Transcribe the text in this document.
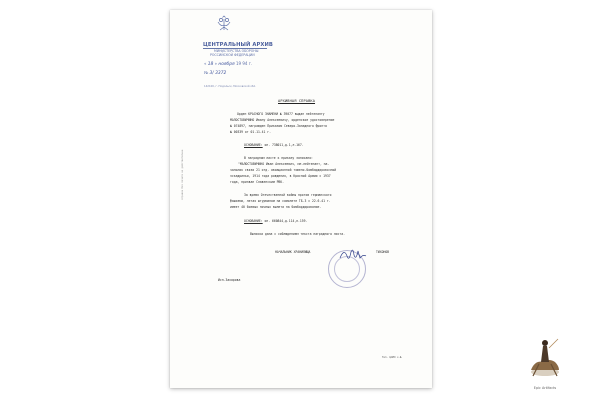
ЦЕНТРАЛЬНЫЙ АРХИВ
МИНИСТЕРСТВА ОБОРОНЫ
РОССИЙСКОЙ ФЕДЕРАЦИИ
« 18 » ноября 19 94 г.
№ 3/ 3372
142100, г. Подольск, Московской обл.
справка без печати не действительна
АРХИВНАЯ СПРАВКА
Орден КРАСНОГО ЗНАМЕНИ № 39077 выдан лейтенанту
МАЛОСТОВИЧИНО Ивану Алексеевичу, орденское удостоверение
№ 074897, награжден Приказом Северо-Западного фронта
№ 00339 от 01.11.41 г.
ОСНОВАНИЕ: оп. 738011,д.1,л.167.
В наградном листе к приказу записано:
"МАЛОСТОВИЧИНО Иван Алексеевич, мл.лейтенант, на-
чальник связи 21 отд. авиационной тяжело-бомбардировочной
эскадрильи, 1914 года рождения, в Красной Армии с 1937
года, призван Славенским РВК.
За время Отечественной войны против германского
фашизма, летая штурманом на самолете ТБ-3 с 22.6.41 г.
имеет 40 боевых ночных вылета на бомбардирование.
ОСНОВАНИЕ: оп. 660844,д.114,л.159.
Выписка дана с соблюдением текста наградного листа.
НАЧАЛЬНИК ХРАНИЛИЩА	ТИХОНОВ
Исп.Захарова
Тип. ЦАМО з.№
Epic Artifacts
